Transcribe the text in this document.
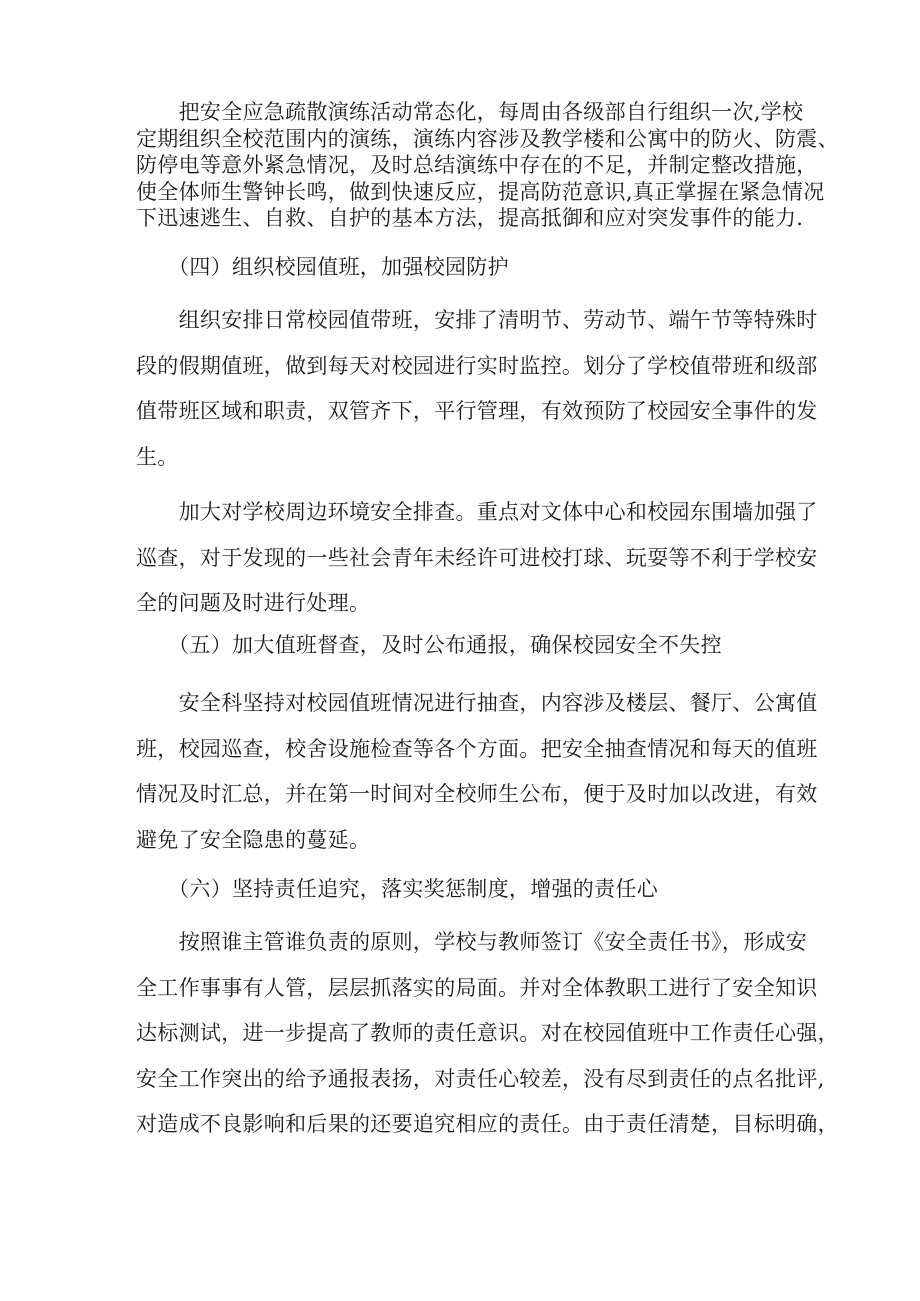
　　把安全应急疏散演练活动常态化，每周由各级部自行组织一次,学校
定期组织全校范围内的演练，演练内容涉及教学楼和公寓中的防火、防震、
防停电等意外紧急情况，及时总结演练中存在的不足，并制定整改措施，
使全体师生警钟长鸣，做到快速反应，提高防范意识,真正掌握在紧急情况
下迅速逃生、自救、自护的基本方法，提高抵御和应对突发事件的能力.
　　（四）组织校园值班，加强校园防护
　　组织安排日常校园值带班，安排了清明节、劳动节、端午节等特殊时
段的假期值班，做到每天对校园进行实时监控。划分了学校值带班和级部
值带班区域和职责，双管齐下，平行管理，有效预防了校园安全事件的发
生。
　　加大对学校周边环境安全排查。重点对文体中心和校园东围墙加强了
巡查，对于发现的一些社会青年未经许可进校打球、玩耍等不利于学校安
全的问题及时进行处理。
　　（五）加大值班督查，及时公布通报，确保校园安全不失控
　　安全科坚持对校园值班情况进行抽查，内容涉及楼层、餐厅、公寓值
班，校园巡查，校舍设施检查等各个方面。把安全抽查情况和每天的值班
情况及时汇总，并在第一时间对全校师生公布，便于及时加以改进，有效
避免了安全隐患的蔓延。
　　（六）坚持责任追究，落实奖惩制度，增强的责任心
　　按照谁主管谁负责的原则，学校与教师签订《安全责任书》，形成安
全工作事事有人管，层层抓落实的局面。并对全体教职工进行了安全知识
达标测试，进一步提高了教师的责任意识。对在校园值班中工作责任心强，
安全工作突出的给予通报表扬，对责任心较差，没有尽到责任的点名批评,
对造成不良影响和后果的还要追究相应的责任。由于责任清楚，目标明确，
